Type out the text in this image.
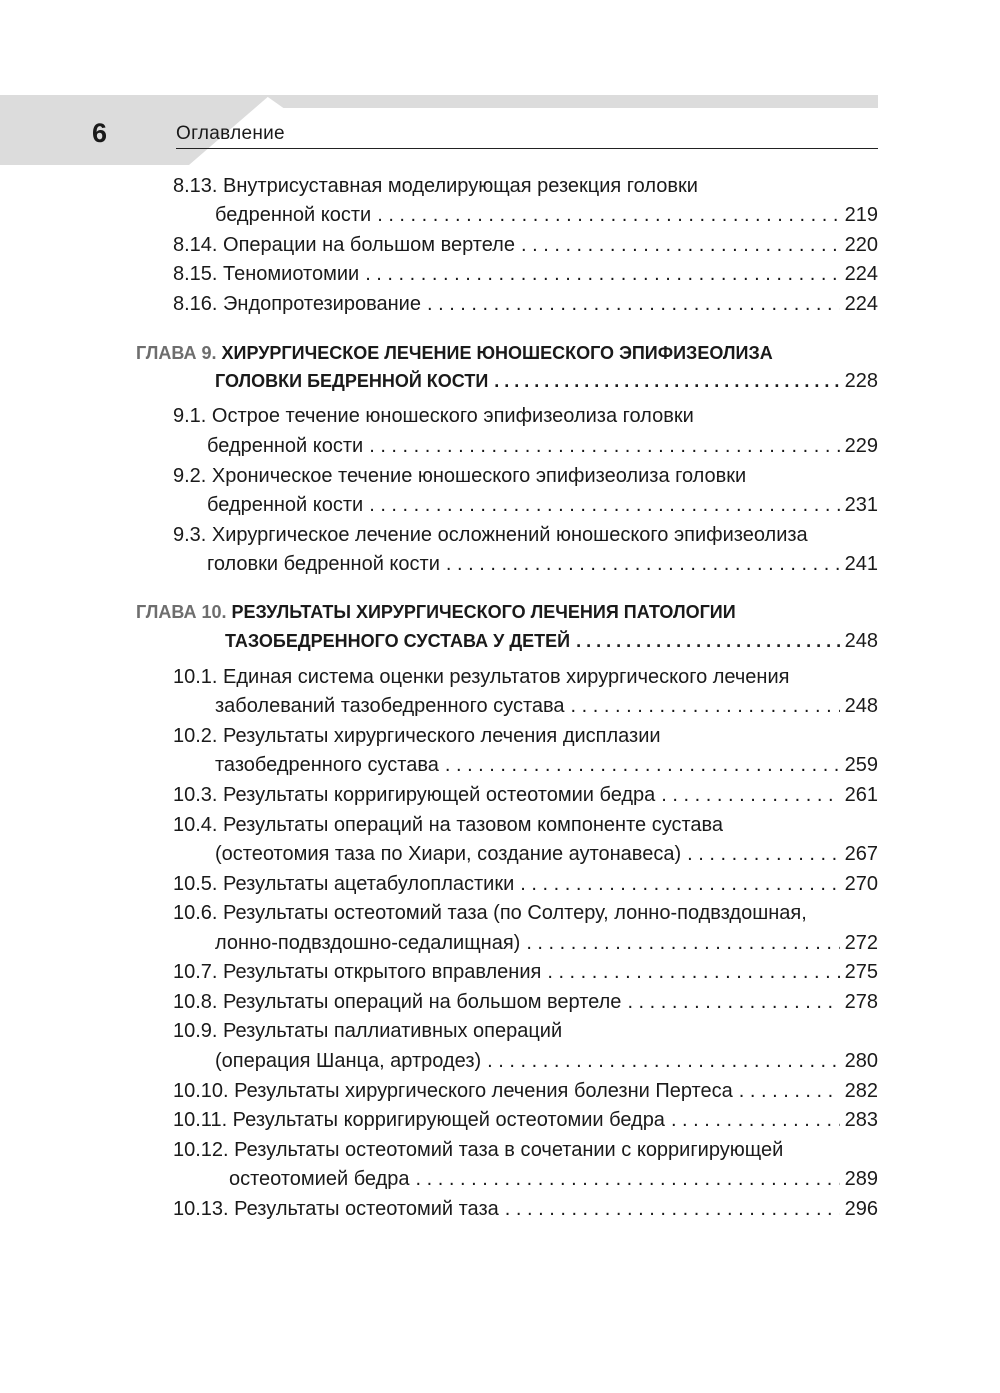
6	Оглавление
8.13. Внутрисуставная моделирующая резекция головки
бедренной кости . . .	219
8.14. Операции на большом вертеле . . .	220
8.15. Теномиотомии . . .	224
8.16. Эндопротезирование . . .	224
ГЛАВА 9. ХИРУРГИЧЕСКОЕ ЛЕЧЕНИЕ ЮНОШЕСКОГО ЭПИФИЗЕОЛИЗА
ГОЛОВКИ БЕДРЕННОЙ КОСТИ . . .	228
9.1. Острое течение юношеского эпифизеолиза головки
бедренной кости . . .	229
9.2. Хроническое течение юношеского эпифизеолиза головки
бедренной кости . . .	231
9.3. Хирургическое лечение осложнений юношеского эпифизеолиза
головки бедренной кости . . .	241
ГЛАВА 10. РЕЗУЛЬТАТЫ ХИРУРГИЧЕСКОГО ЛЕЧЕНИЯ ПАТОЛОГИИ
ТАЗОБЕДРЕННОГО СУСТАВА У ДЕТЕЙ . . .	248
10.1. Единая система оценки результатов хирургического лечения
заболеваний тазобедренного сустава . . .	248
10.2. Результаты хирургического лечения дисплазии
тазобедренного сустава . . .	259
10.3. Результаты корригирующей остеотомии бедра . . .	261
10.4. Результаты операций на тазовом компоненте сустава
(остеотомия таза по Хиари, создание аутонавеса) . . .	267
10.5. Результаты ацетабулопластики . . .	270
10.6. Результаты остеотомий таза (по Солтеру, лонно-подвздошная,
лонно-подвздошно-седалищная) . . .	272
10.7. Результаты открытого вправления . . .	275
10.8. Результаты операций на большом вертеле . . .	278
10.9. Результаты паллиативных операций
(операция Шанца, артродез) . . .	280
10.10. Результаты хирургического лечения болезни Пертеса . . .	282
10.11. Результаты корригирующей остеотомии бедра . . .	283
10.12. Результаты остеотомий таза в сочетании с корригирующей
остеотомией бедра . . .	289
10.13. Результаты остеотомий таза . . .	296
